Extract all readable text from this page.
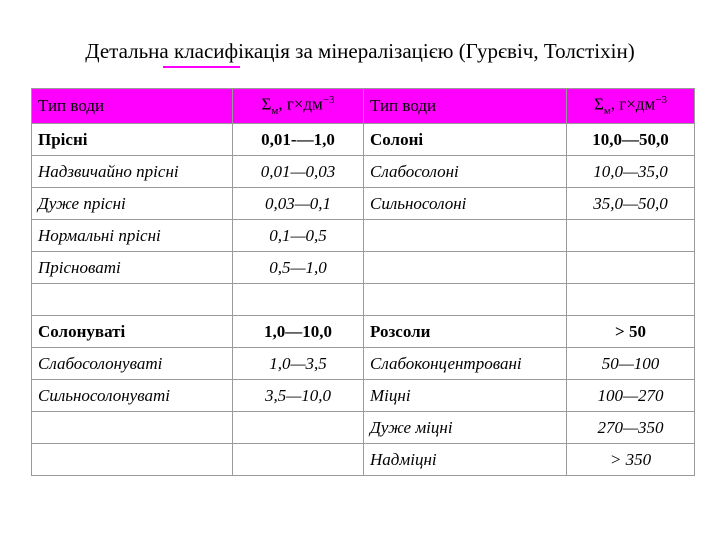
Детальна класифікація за мінералізацією (Гурєвіч, Толстіхін)
Тип води	$\Sigma_м$, $г\times дм^{-3}$	Тип води	$\Sigma_м$, $г\times дм^{-3}$
Прісні	0,01-—1,0	Солоні	10,0—50,0
Надзвичайно прісні	0,01—0,03	Слабосолоні	10,0—35,0
Дуже прісні	0,03—0,1	Сильносолоні	35,0—50,0
Нормальні прісні	0,1—0,5		
Прісноваті	0,5—1,0		

Солонуваті	1,0—10,0	Розсоли	> 50
Слабосолонуваті	1,0—3,5	Слабоконцентровані	50—100
Сильносолонуваті	3,5—10,0	Міцні	100—270
		Дуже міцні	270—350
		Надміцні	> 350
